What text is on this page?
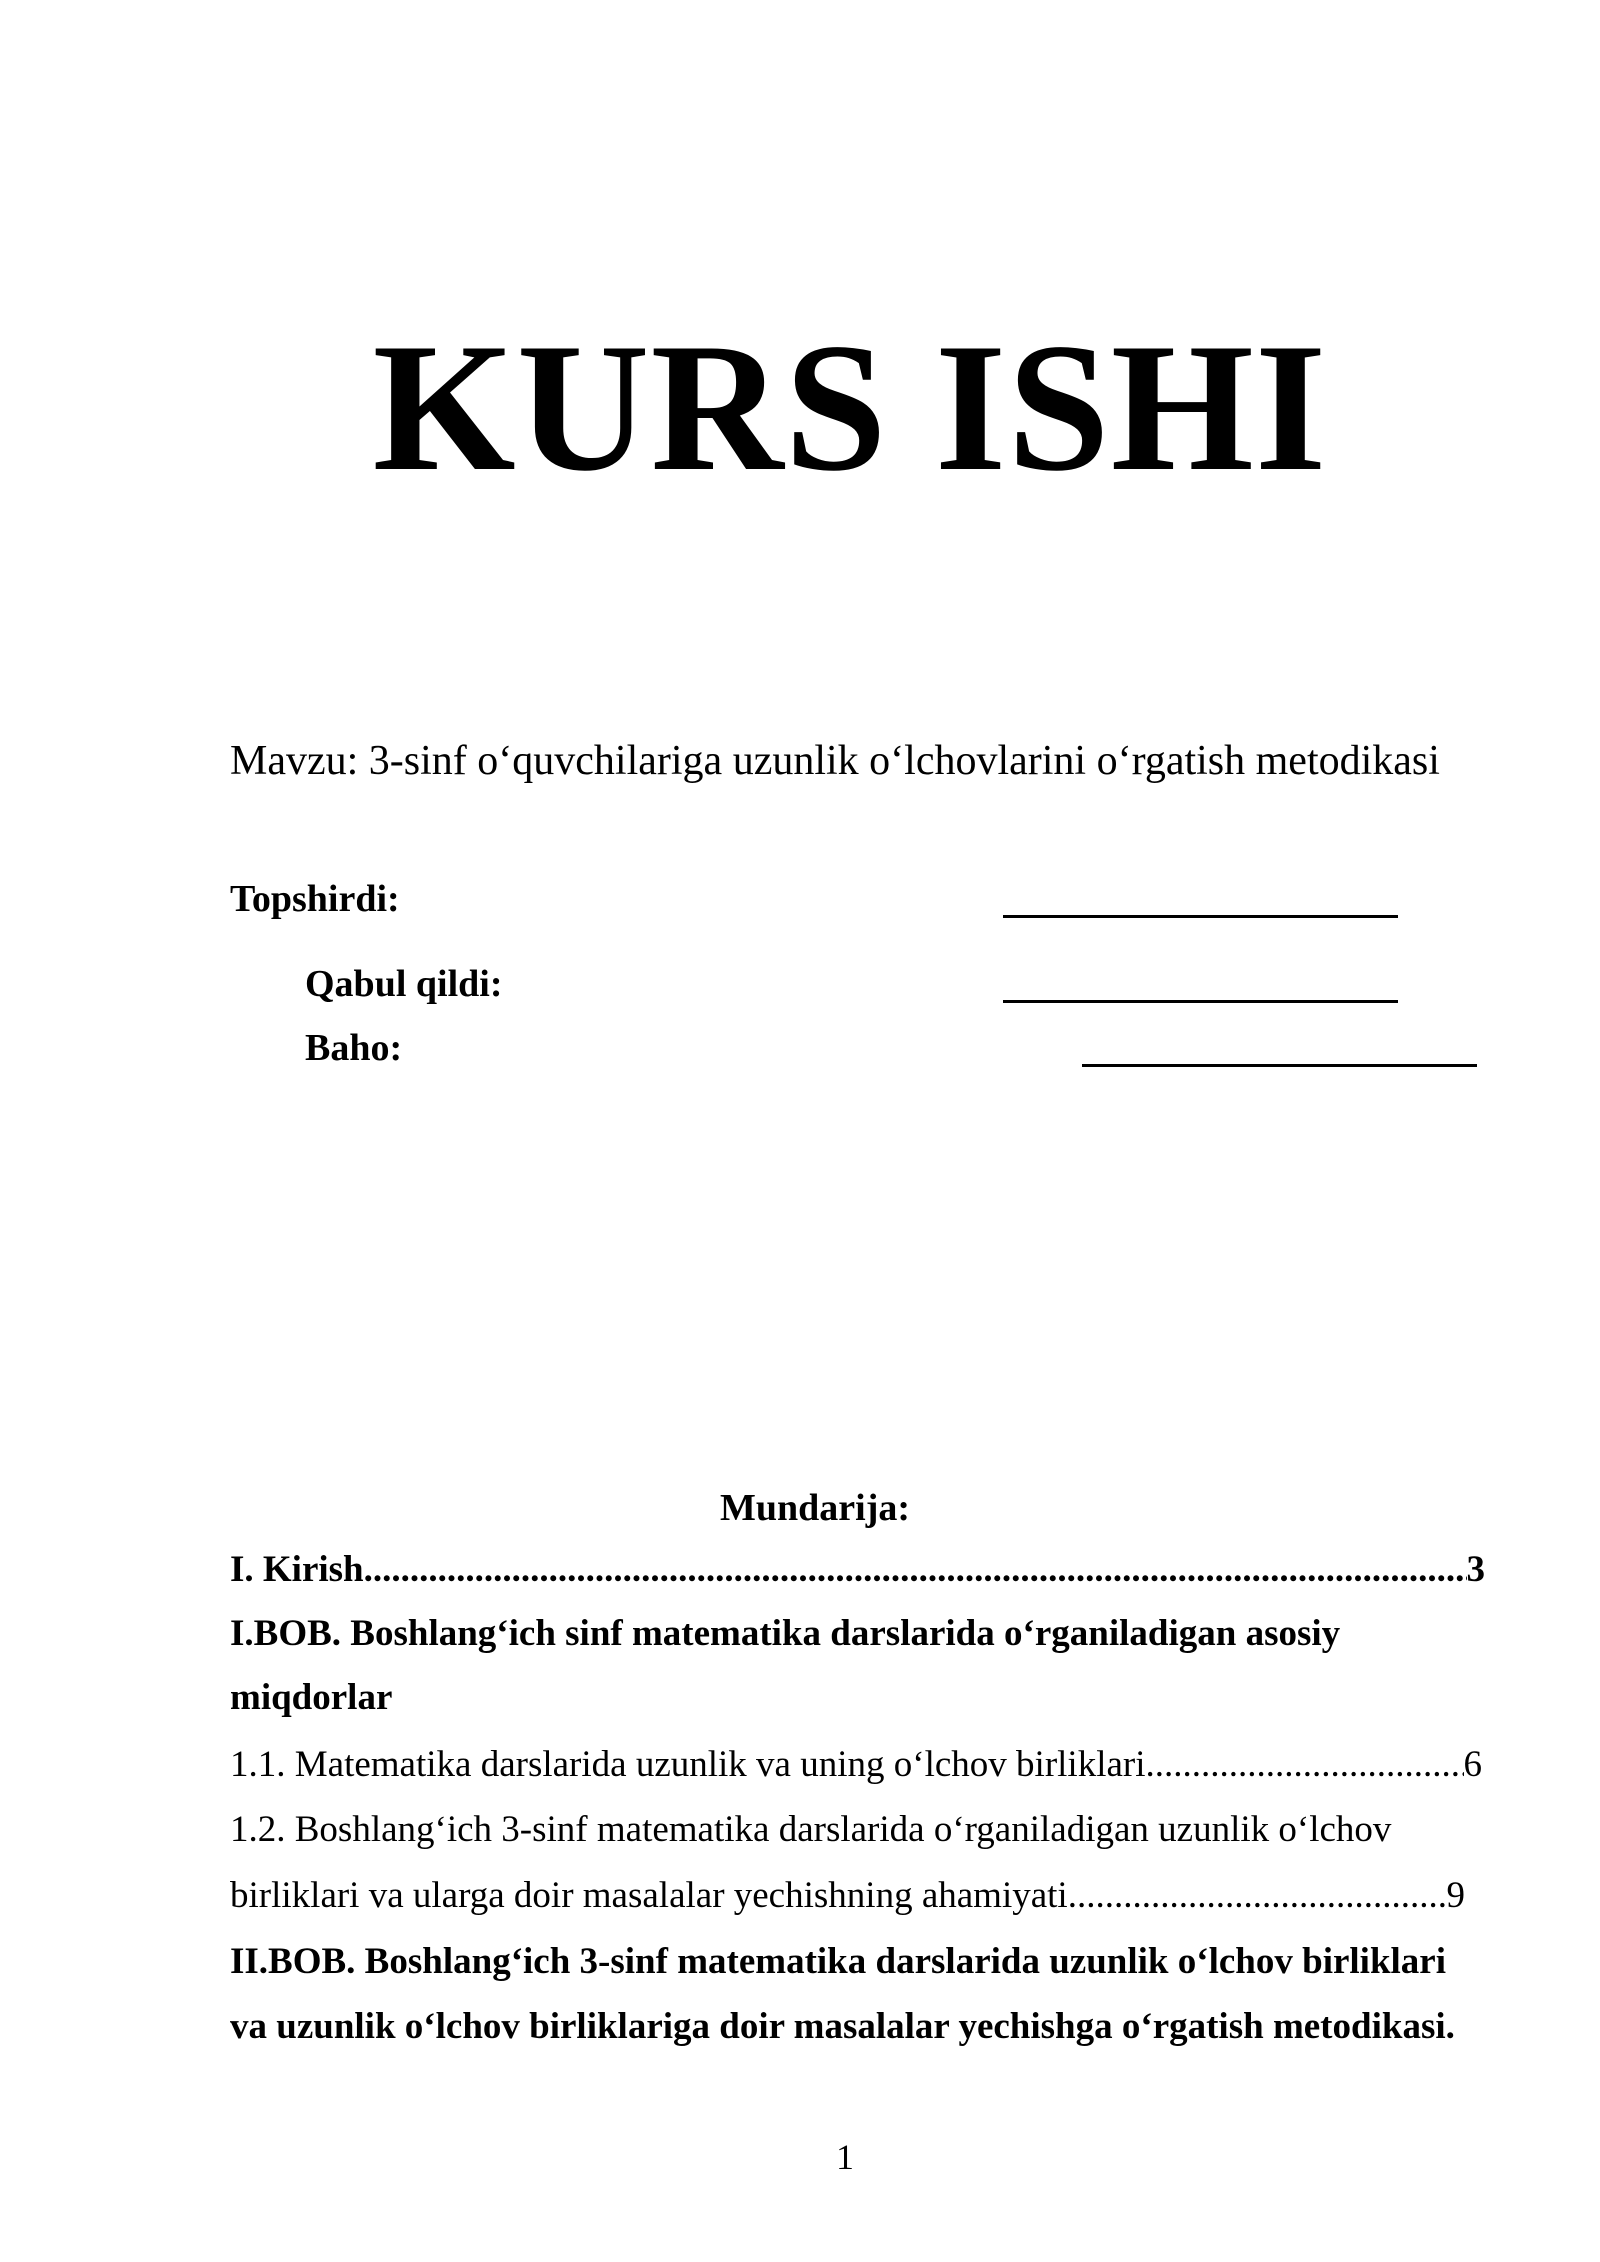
KURS ISHI
Mavzu: 3-sinf o‘quvchilariga uzunlik o‘lchovlarini o‘rgatish metodikasi
Topshirdi:
Qabul qildi:
Baho:
Mundarija:
I. Kirish .....	3
I.BOB. Boshlang‘ich sinf matematika darslarida o‘rganiladigan asosiy
miqdorlar
1.1. Matematika darslarida uzunlik va uning o‘lchov birliklari .....	6
1.2. Boshlang‘ich 3-sinf matematika darslarida o‘rganiladigan uzunlik o‘lchov
birliklari va ularga doir masalalar yechishning ahamiyati .....	9
II.BOB. Boshlang‘ich 3-sinf matematika darslarida uzunlik o‘lchov birliklari
va uzunlik o‘lchov birliklariga doir masalalar yechishga o‘rgatish metodikasi.
1
